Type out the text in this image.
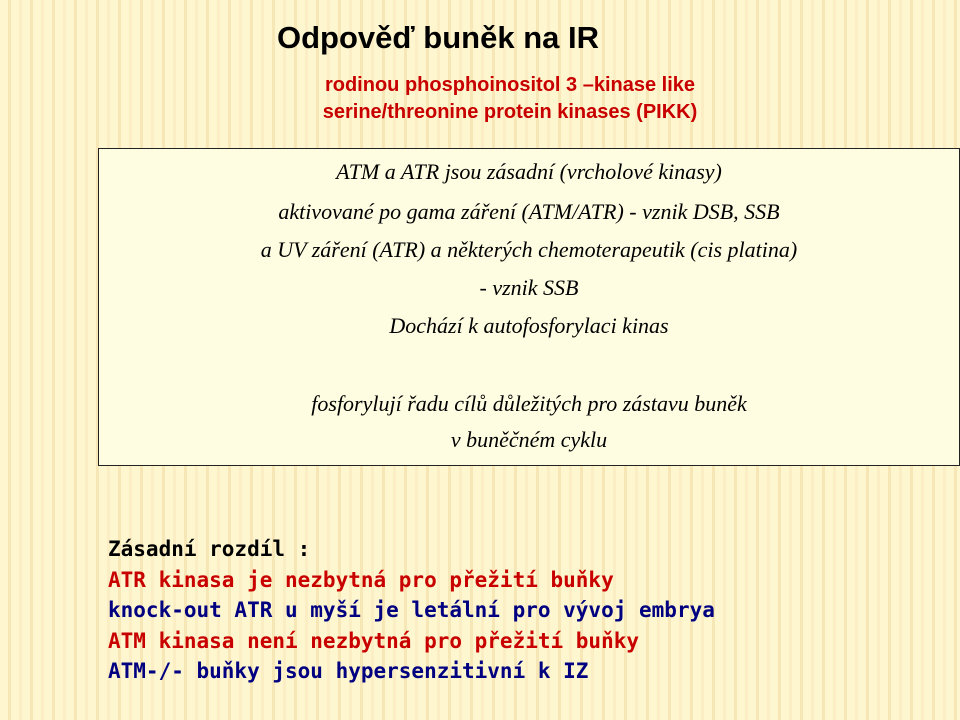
Odpověď buněk na IR
rodinou phosphoinositol 3 –kinase like
serine/threonine protein kinases (PIKK)
ATM a ATR jsou zásadní (vrcholové kinasy)
aktivované po gama záření (ATM/ATR) - vznik DSB, SSB
a UV záření (ATR) a některých chemoterapeutik (cis platina)
- vznik SSB
Dochází k autofosforylaci kinas
fosforylují řadu cílů důležitých pro zástavu buněk
v buněčném cyklu
Zásadní rozdíl :
ATR kinasa je nezbytná pro přežití buňky
knock-out ATR u myší je letální pro vývoj embrya
ATM kinasa není nezbytná pro přežití buňky
ATM-/- buňky jsou hypersenzitivní k IZ
